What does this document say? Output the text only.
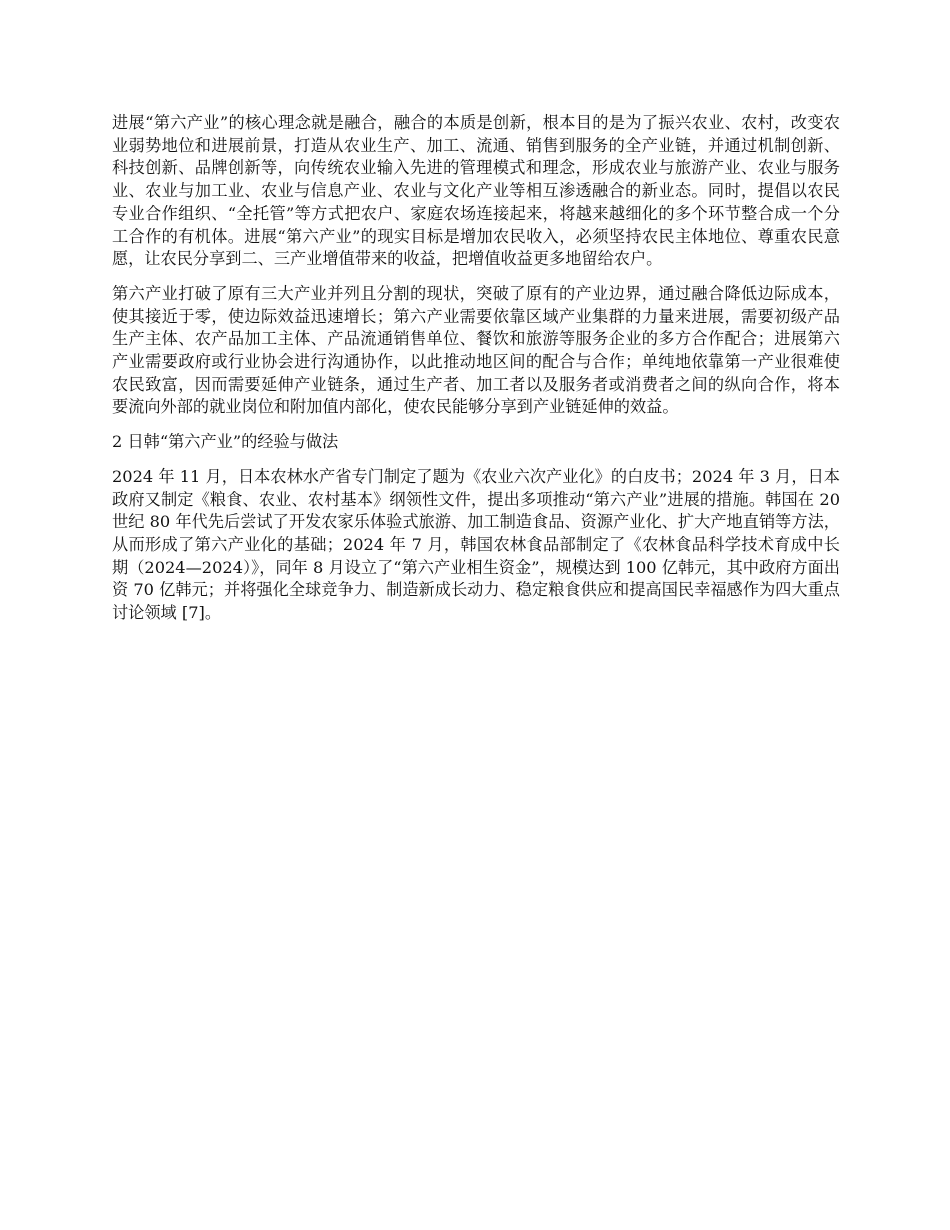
进展“第六产业”的核心理念就是融合，融合的本质是创新，根本目的是为了振兴农业、农村，改变农业弱势地位和进展前景，打造从农业生产、加工、流通、销售到服务的全产业链，并通过机制创新、科技创新、品牌创新等，向传统农业输入先进的管理模式和理念，形成农业与旅游产业、农业与服务业、农业与加工业、农业与信息产业、农业与文化产业等相互渗透融合的新业态。同时，提倡以农民专业合作组织、“全托管”等方式把农户、家庭农场连接起来，将越来越细化的多个环节整合成一个分工合作的有机体。进展“第六产业”的现实目标是增加农民收入，必须坚持农民主体地位、尊重农民意愿，让农民分享到二、三产业增值带来的收益，把增值收益更多地留给农户。

第六产业打破了原有三大产业并列且分割的现状，突破了原有的产业边界，通过融合降低边际成本，使其接近于零，使边际效益迅速增长；第六产业需要依靠区域产业集群的力量来进展，需要初级产品生产主体、农产品加工主体、产品流通销售单位、餐饮和旅游等服务企业的多方合作配合；进展第六产业需要政府或行业协会进行沟通协作，以此推动地区间的配合与合作；单纯地依靠第一产业很难使农民致富，因而需要延伸产业链条，通过生产者、加工者以及服务者或消费者之间的纵向合作，将本要流向外部的就业岗位和附加值内部化，使农民能够分享到产业链延伸的效益。

2 日韩“第六产业”的经验与做法

2024 年 11 月，日本农林水产省专门制定了题为《农业六次产业化》的白皮书；2024 年 3 月，日本政府又制定《粮食、农业、农村基本》纲领性文件，提出多项推动“第六产业”进展的措施。韩国在 20 世纪 80 年代先后尝试了开发农家乐体验式旅游、加工制造食品、资源产业化、扩大产地直销等方法，从而形成了第六产业化的基础；2024 年 7 月，韩国农林食品部制定了《农林食品科学技术育成中长期（2024—2024）》，同年 8 月设立了“第六产业相生资金”，规模达到 100 亿韩元，其中政府方面出资 70 亿韩元；并将强化全球竞争力、制造新成长动力、稳定粮食供应和提高国民幸福感作为四大重点讨论领域 [7]。
